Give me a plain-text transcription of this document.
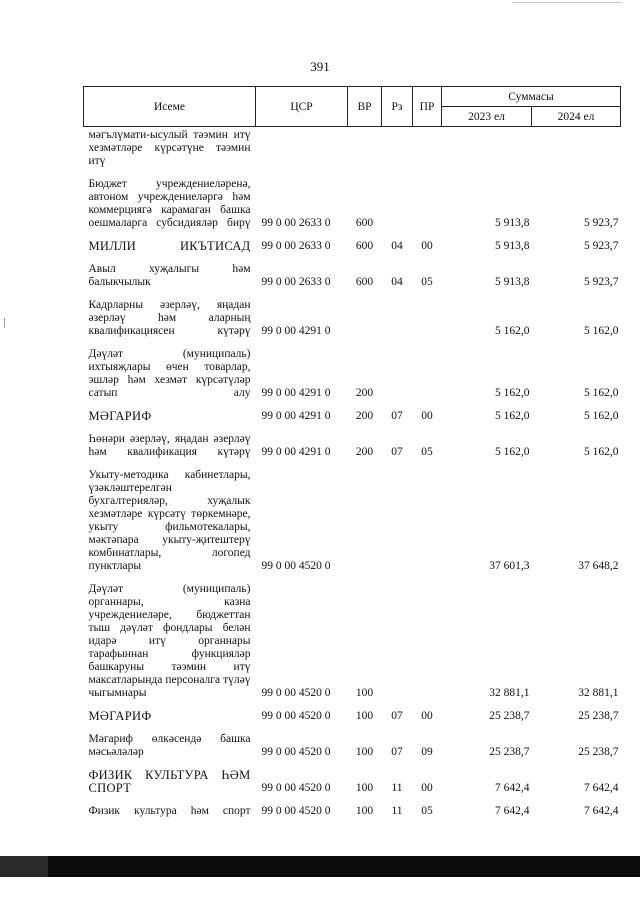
391
Исеме	ЦСР	ВР	Рз	ПР	Суммасы	
					2023 ел	2024 ел
мәгълүмати-ысулый тәэмин итү хезмәтләре күрсәтүне тәэмин итү						
Бюджет учреждениеләренә, автоном учреждениеләргә һәм коммерциягә карамаган башка оешмаларга субсидияләр бирү	99 0 00 2633 0	600			5 913,8	5 923,7
МИЛЛИ ИКЪТИСАД	99 0 00 2633 0	600	04	00	5 913,8	5 923,7
Авыл хуҗалыгы һәм балыкчылык	99 0 00 2633 0	600	04	05	5 913,8	5 923,7
Кадрларны әзерләү, яңадан әзерләү һәм аларның квалификациясен күтәрү	99 0 00 4291 0				5 162,0	5 162,0
Дәүләт (муниципаль) ихтыяҗлары өчен товарлар, эшләр һәм хезмәт күрсәтүләр сатып алу	99 0 00 4291 0	200			5 162,0	5 162,0
МӘГАРИФ	99 0 00 4291 0	200	07	00	5 162,0	5 162,0
Һөнәри әзерләү, яңадан әзерләү һәм квалификация күтәрү	99 0 00 4291 0	200	07	05	5 162,0	5 162,0
Укыту-методика кабинетлары, үзәкләштерелгән бухгалтерияләр, хуҗалык хезмәтләре күрсәтү төркемнәре, укыту фильмотекалары, мәктәпара укыту-җитештерү комбинатлары, логопед пунктлары	99 0 00 4520 0				37 601,3	37 648,2
Дәүләт (муниципаль) органнары, казна учреждениеләре, бюджеттан тыш дәүләт фондлары белән идарә итү органнары тарафыннан функцияләр башкаруны тәэмин итү максатларында персоналга түләү чыгымнары	99 0 00 4520 0	100			32 881,1	32 881,1
МӘГАРИФ	99 0 00 4520 0	100	07	00	25 238,7	25 238,7
Мәгариф өлкәсендә башка мәсьәләләр	99 0 00 4520 0	100	07	09	25 238,7	25 238,7
ФИЗИК КУЛЬТУРА ҺӘМ СПОРТ	99 0 00 4520 0	100	11	00	7 642,4	7 642,4
Физик культура һәм спорт	99 0 00 4520 0	100	11	05	7 642,4	7 642,4
